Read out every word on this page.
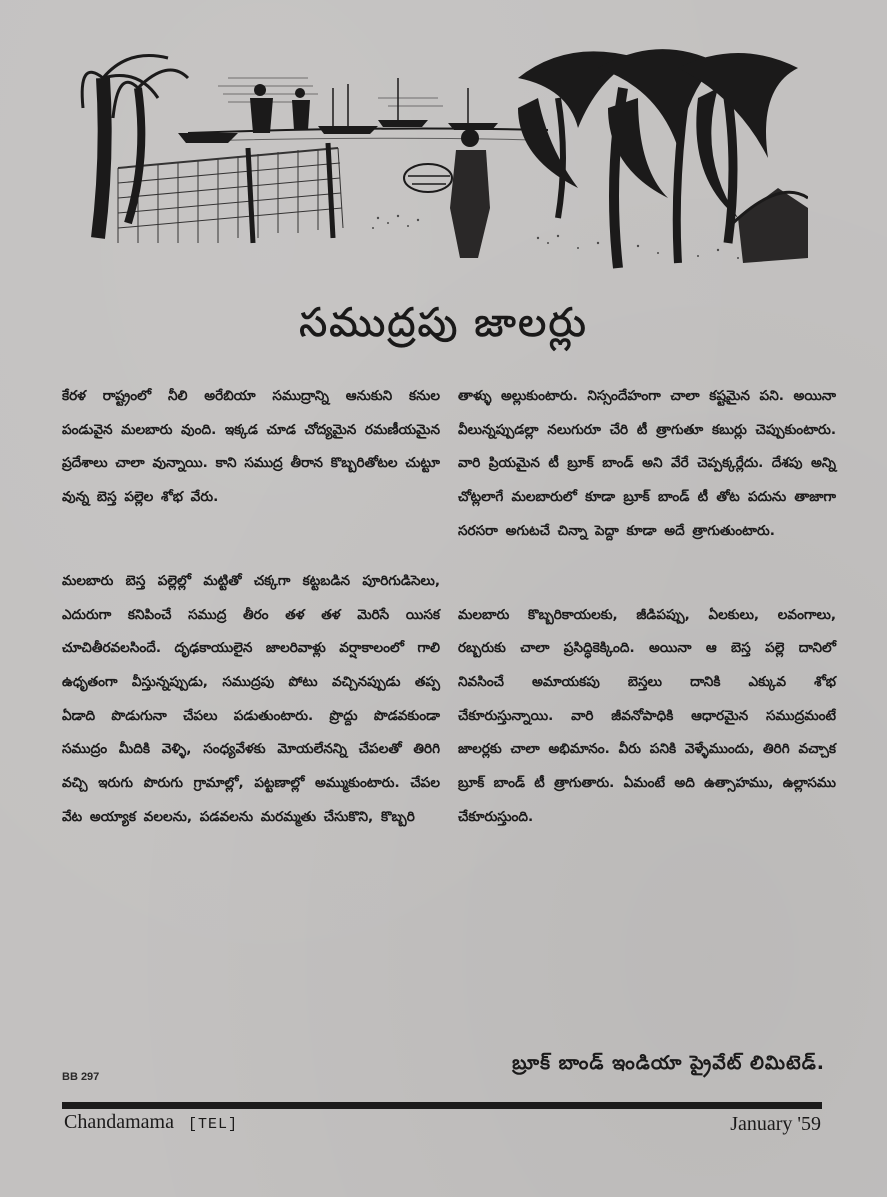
సముద్రపు జాలర్లు

కేరళ రాష్ట్రంలో నీలి అరేబియా సముద్రాన్ని ఆనుకుని కనుల పండువైన మలబారు వుంది. ఇక్కడ చూడ చోద్యమైన రమణీయమైన ప్రదేశాలు చాలా వున్నాయి. కాని సముద్ర తీరాన కొబ్బరితోటల చుట్టూ వున్న బెస్త పల్లెల శోభ వేరు.

మలబారు బెస్త పల్లెల్లో మట్టితో చక్కగా కట్టబడిన పూరిగుడిసెలు, ఎదురుగా కనిపించే సముద్ర తీరం తళ తళ మెరిసే యిసక చూచితీరవలసిందే. దృఢకాయులైన జాలరివాళ్లు వర్షాకాలంలో గాలి ఉధృతంగా వీస్తున్నప్పుడు, సముద్రపు పోటు వచ్చినప్పుడు తప్ప ఏడాది పొడుగునా చేపలు పడుతుంటారు. ప్రొద్దు పొడవకుండా సముద్రం మీదికి వెళ్ళి, సంధ్యవేళకు మోయలేనన్ని చేపలతో తిరిగి వచ్చి ఇరుగు పొరుగు గ్రామాల్లో, పట్టణాల్లో అమ్ముకుంటారు. చేపల వేట అయ్యాక వలలను, పడవలను మరమ్మతు చేసుకొని, కొబ్బరి

తాళ్ళు అల్లుకుంటారు. నిస్సందేహంగా చాలా కష్టమైన పని. అయినా వీలున్నప్పుడల్లా నలుగురూ చేరి టీ త్రాగుతూ కబుర్లు చెప్పుకుంటారు. వారి ప్రియమైన టీ బ్రూక్ బాండ్ అని వేరే చెప్పక్కర్లేదు. దేశపు అన్ని చోట్లలాగే మలబారులో కూడా బ్రూక్ బాండ్ టీ తోట పదును తాజాగా సరసరా అగుటచే చిన్నా పెద్దా కూడా అదే త్రాగుతుంటారు.

మలబారు కొబ్బరికాయలకు, జీడిపప్పు, ఏలకులు, లవంగాలు, రబ్బరుకు చాలా ప్రసిద్ధికెక్కింది. అయినా ఆ బెస్త పల్లె దానిలో నివసించే అమాయకపు బెస్తలు దానికి ఎక్కువ శోభ చేకూరుస్తున్నాయి. వారి జీవనోపాధికి ఆధారమైన సముద్రమంటే జాలర్లకు చాలా అభిమానం. వీరు పనికి వెళ్ళేముందు, తిరిగి వచ్చాక బ్రూక్ బాండ్ టీ త్రాగుతారు. ఏమంటే అది ఉత్సాహము, ఉల్లాసము చేకూరుస్తుంది.

బ్రూక్ బాండ్ ఇండియా ప్రైవేట్ లిమిటెడ్.
BB 297
Chandamama [TEL]	January '59
